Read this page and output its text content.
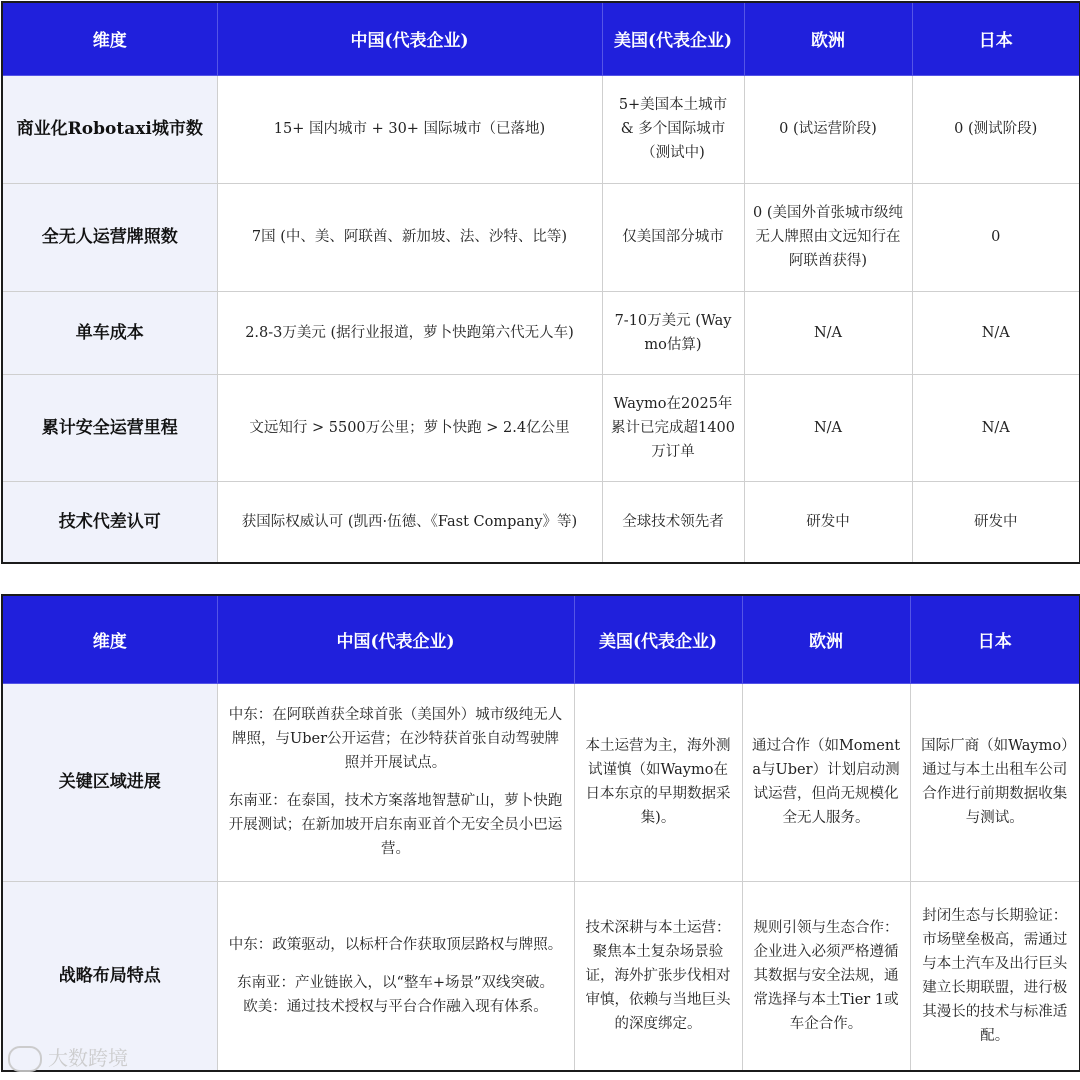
维度	中国(代表企业)	美国(代表企业)	欧洲	日本
商业化Robotaxi城市数	15+ 国内城市 + 30+ 国际城市（已落地)	5+美国本土城市 & 多个国际城市（测试中)	0 (试运营阶段)	0 (测试阶段)
全无人运营牌照数	7国 (中、美、阿联酋、新加坡、法、沙特、比等)	仅美国部分城市	0 (美国外首张城市级纯无人牌照由文远知行在阿联酋获得)	0
单车成本	2.8-3万美元 (据行业报道，萝卜快跑第六代无人车)	7-10万美元 (Waymo估算)	N/A	N/A
累计安全运营里程	文远知行 > 5500万公里；萝卜快跑 > 2.4亿公里	Waymo在2025年累计已完成超1400万订单	N/A	N/A
技术代差认可	获国际权威认可 (凯西·伍德、《Fast Company》等)	全球技术领先者	研发中	研发中
维度	中国(代表企业)	美国(代表企业)	欧洲	日本
关键区域进展	中东：在阿联酋获全球首张（美国外）城市级纯无人牌照，与Uber公开运营；在沙特获首张自动驾驶牌照并开展试点。
东南亚：在泰国，技术方案落地智慧矿山，萝卜快跑开展测试；在新加坡开启东南亚首个无安全员小巴运营。	本土运营为主，海外测试谨慎（如Waymo在日本东京的早期数据采集)。	通过合作（如Momenta与Uber）计划启动测试运营，但尚无规模化全无人服务。	国际厂商（如Waymo）通过与本土出租车公司合作进行前期数据收集与测试。
战略布局特点	中东：政策驱动，以标杆合作获取顶层路权与牌照。
东南亚：产业链嵌入，以“整车+场景”双线突破。
欧美：通过技术授权与平台合作融入现有体系。	技术深耕与本土运营：聚焦本土复杂场景验证，海外扩张步伐相对审慎，依赖与当地巨头的深度绑定。	规则引领与生态合作：企业进入必须严格遵循其数据与安全法规，通常选择与本土Tier 1或车企合作。	封闭生态与长期验证：市场壁垒极高，需通过与本土汽车及出行巨头建立长期联盟，进行极其漫长的技术与标准适配。
大数跨境
